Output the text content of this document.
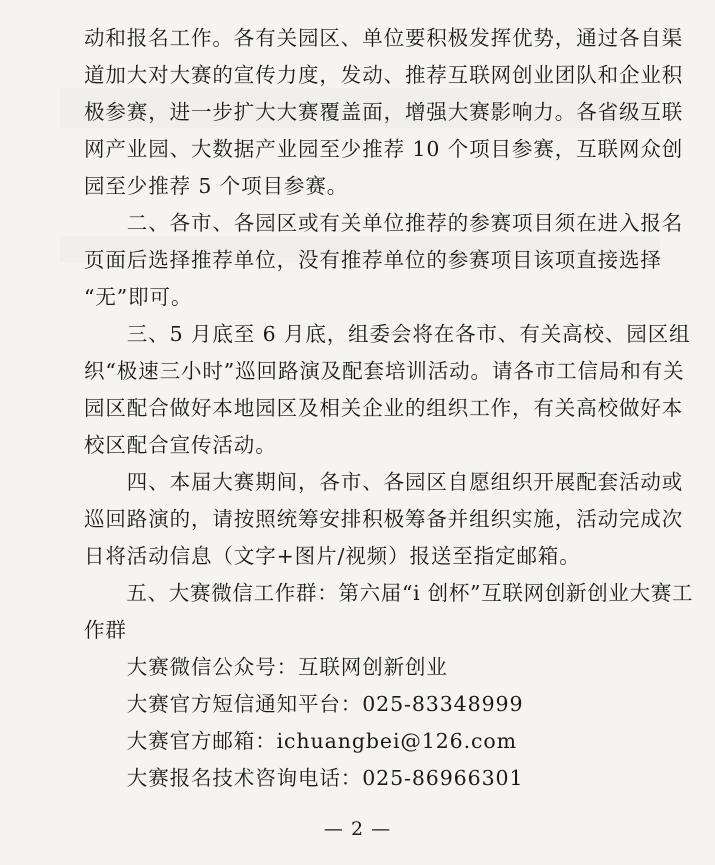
动和报名工作。各有关园区、单位要积极发挥优势，通过各自渠
道加大对大赛的宣传力度，发动、推荐互联网创业团队和企业积
极参赛，进一步扩大大赛覆盖面，增强大赛影响力。各省级互联
网产业园、大数据产业园至少推荐 10 个项目参赛，互联网众创
园至少推荐 5 个项目参赛。
　　二、各市、各园区或有关单位推荐的参赛项目须在进入报名
页面后选择推荐单位，没有推荐单位的参赛项目该项直接选择
“无”即可。
　　三、5 月底至 6 月底，组委会将在各市、有关高校、园区组
织“极速三小时”巡回路演及配套培训活动。请各市工信局和有关
园区配合做好本地园区及相关企业的组织工作，有关高校做好本
校区配合宣传活动。
　　四、本届大赛期间，各市、各园区自愿组织开展配套活动或
巡回路演的，请按照统筹安排积极筹备并组织实施，活动完成次
日将活动信息（文字+图片/视频）报送至指定邮箱。
　　五、大赛微信工作群：第六届“i 创杯”互联网创新创业大赛工
作群
　　大赛微信公众号：互联网创新创业
　　大赛官方短信通知平台：025-83348999
　　大赛官方邮箱：ichuangbei@126.com
　　大赛报名技术咨询电话：025-86966301
— 2 —
